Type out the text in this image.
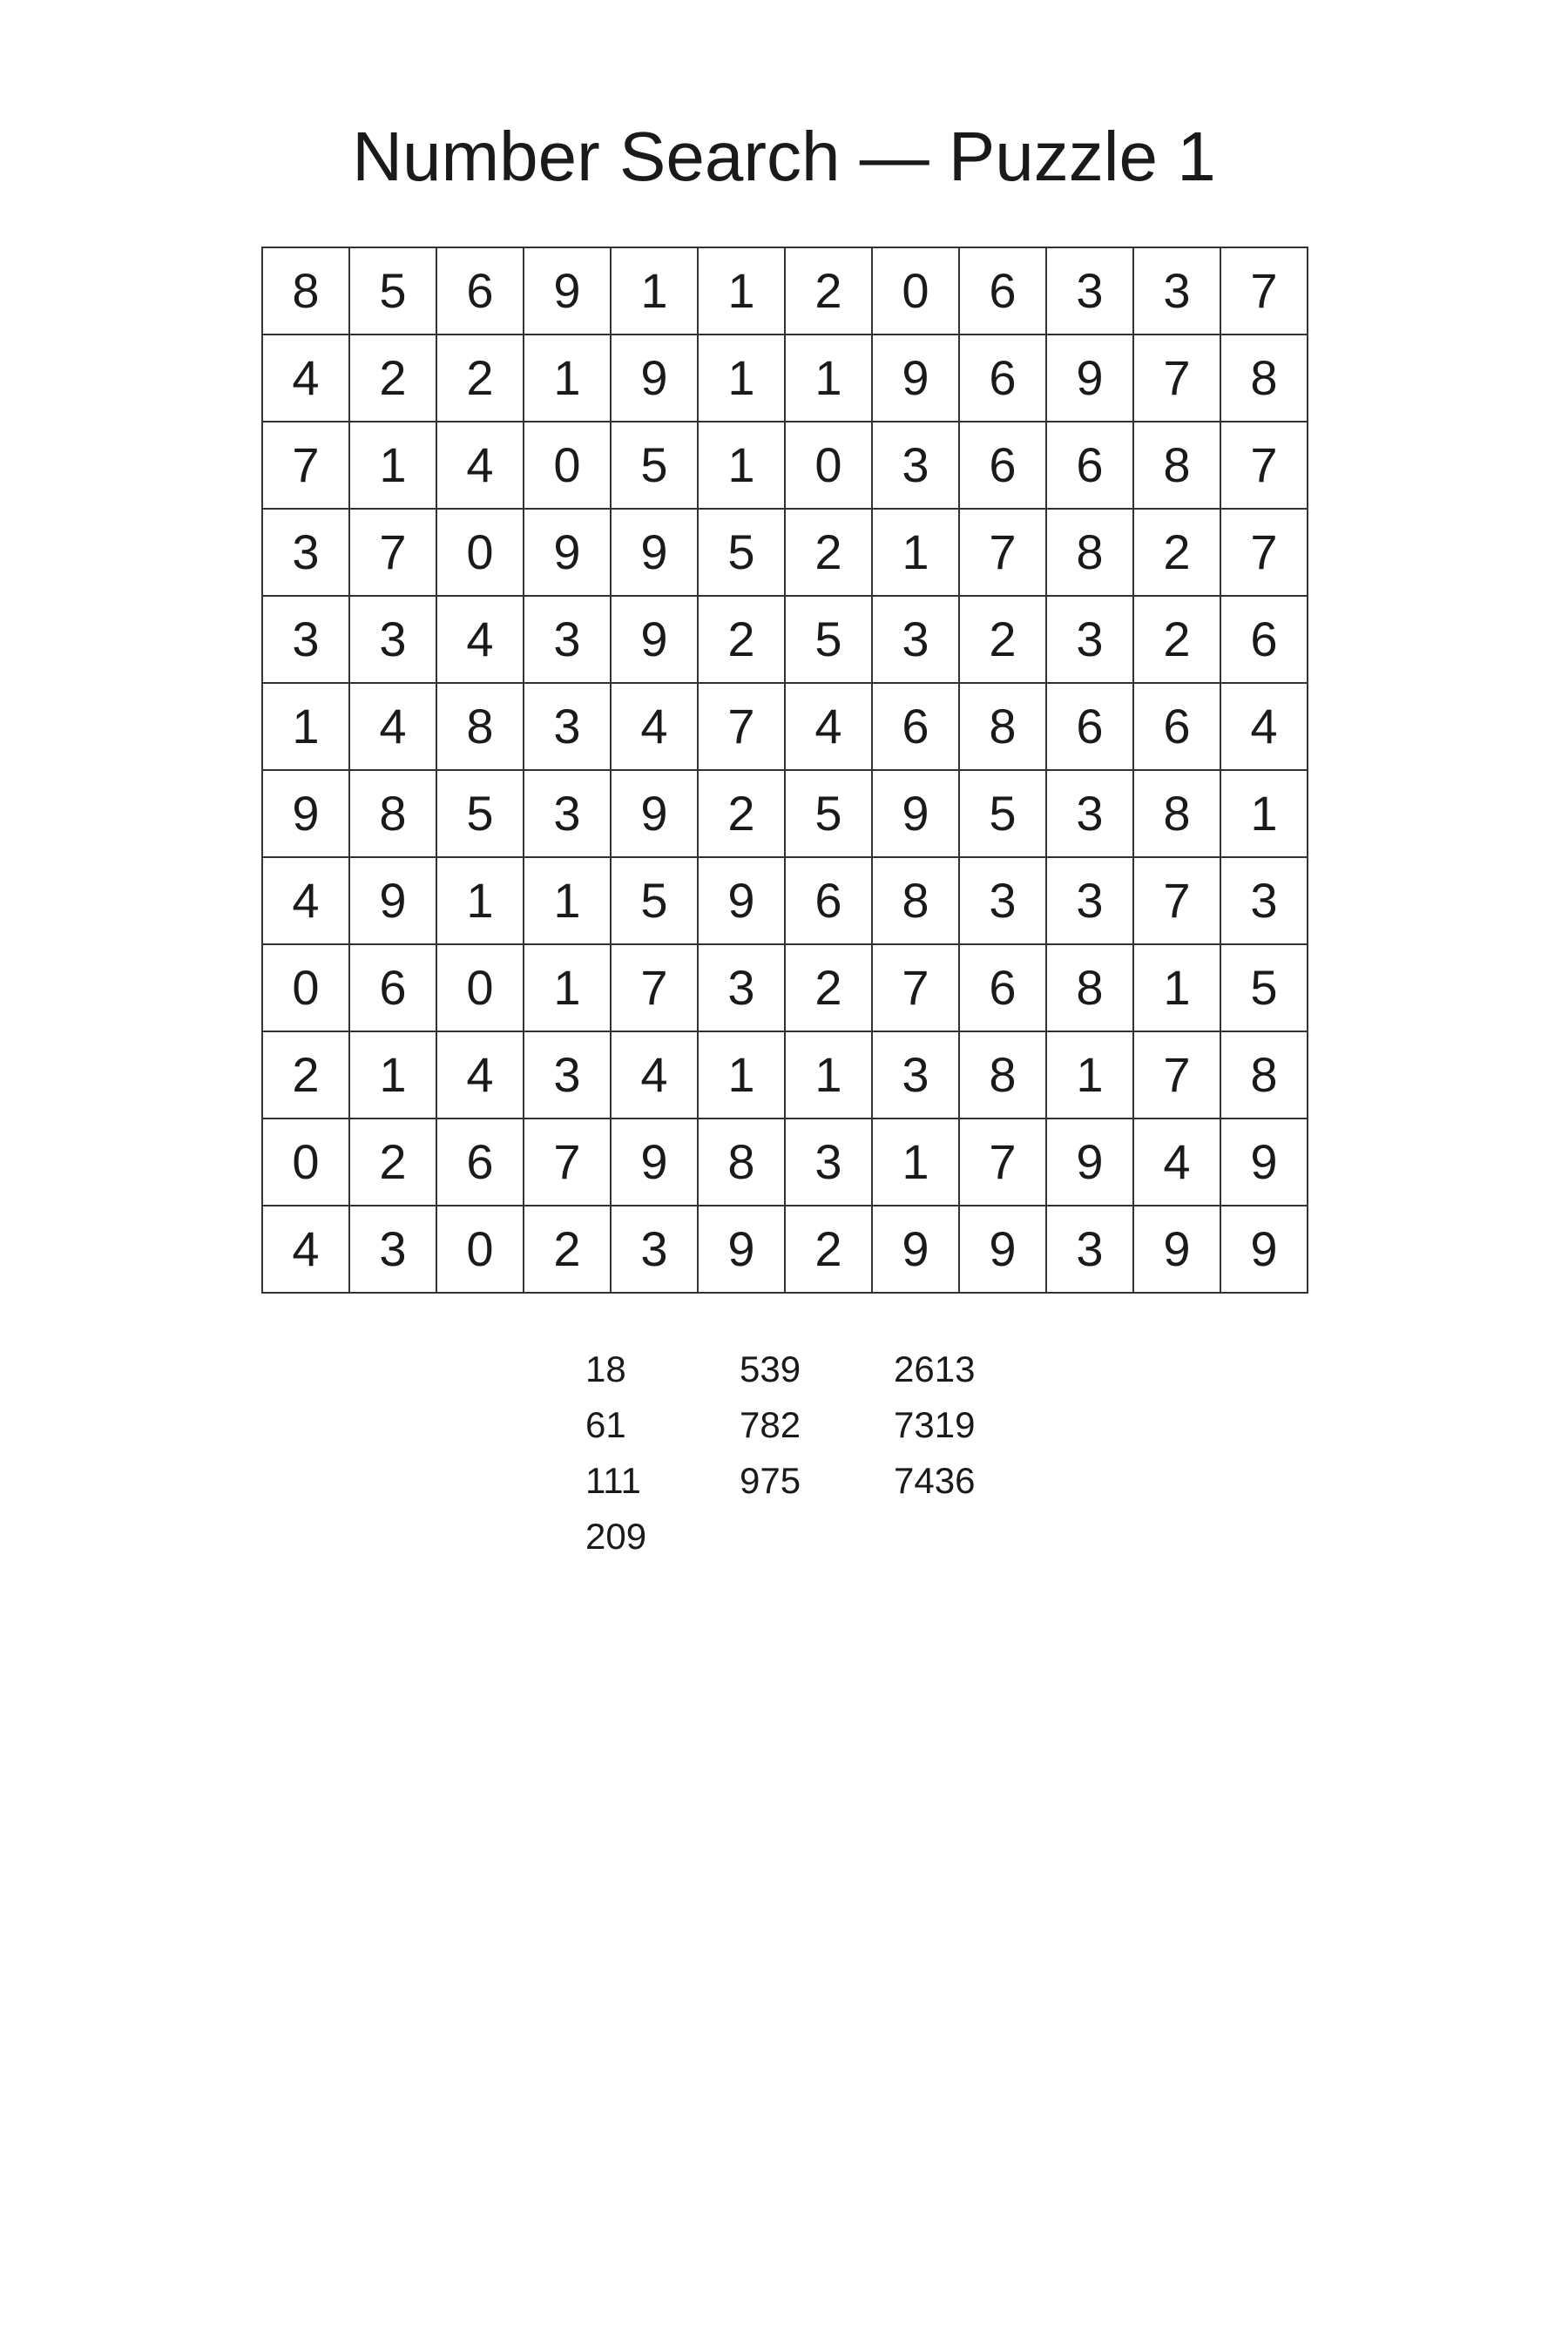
Number Search — Puzzle 1
8	5	6	9	1	1	2	0	6	3	3	7
4	2	2	1	9	1	1	9	6	9	7	8
7	1	4	0	5	1	0	3	6	6	8	7
3	7	0	9	9	5	2	1	7	8	2	7
3	3	4	3	9	2	5	3	2	3	2	6
1	4	8	3	4	7	4	6	8	6	6	4
9	8	5	3	9	2	5	9	5	3	8	1
4	9	1	1	5	9	6	8	3	3	7	3
0	6	0	1	7	3	2	7	6	8	1	5
2	1	4	3	4	1	1	3	8	1	7	8
0	2	6	7	9	8	3	1	7	9	4	9
4	3	0	2	3	9	2	9	9	3	9	9
18
61
111
209
539
782
975
2613
7319
7436
